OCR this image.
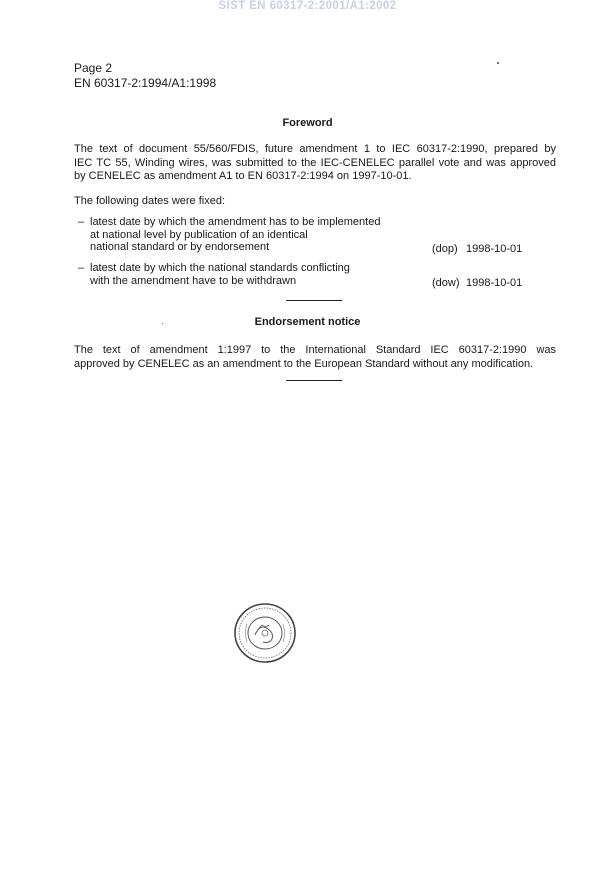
SIST EN 60317-2:2001/A1:2002
Page 2
EN 60317-2:1994/A1:1998
Foreword
The text of document 55/560/FDIS, future amendment 1 to IEC 60317-2:1990, prepared by
IEC TC 55, Winding wires, was submitted to the IEC-CENELEC parallel vote and was approved
by CENELEC as amendment A1 to EN 60317-2:1994 on 1997-10-01.
The following dates were fixed:
– latest date by which the amendment has to be implemented
at national level by publication of an identical
national standard or by endorsement	(dop) 1998-10-01
– latest date by which the national standards conflicting
with the amendment have to be withdrawn	(dow) 1998-10-01
Endorsement notice
The text of amendment 1:1997 to the International Standard IEC 60317-2:1990 was
approved by CENELEC as an amendment to the European Standard without any modification.
